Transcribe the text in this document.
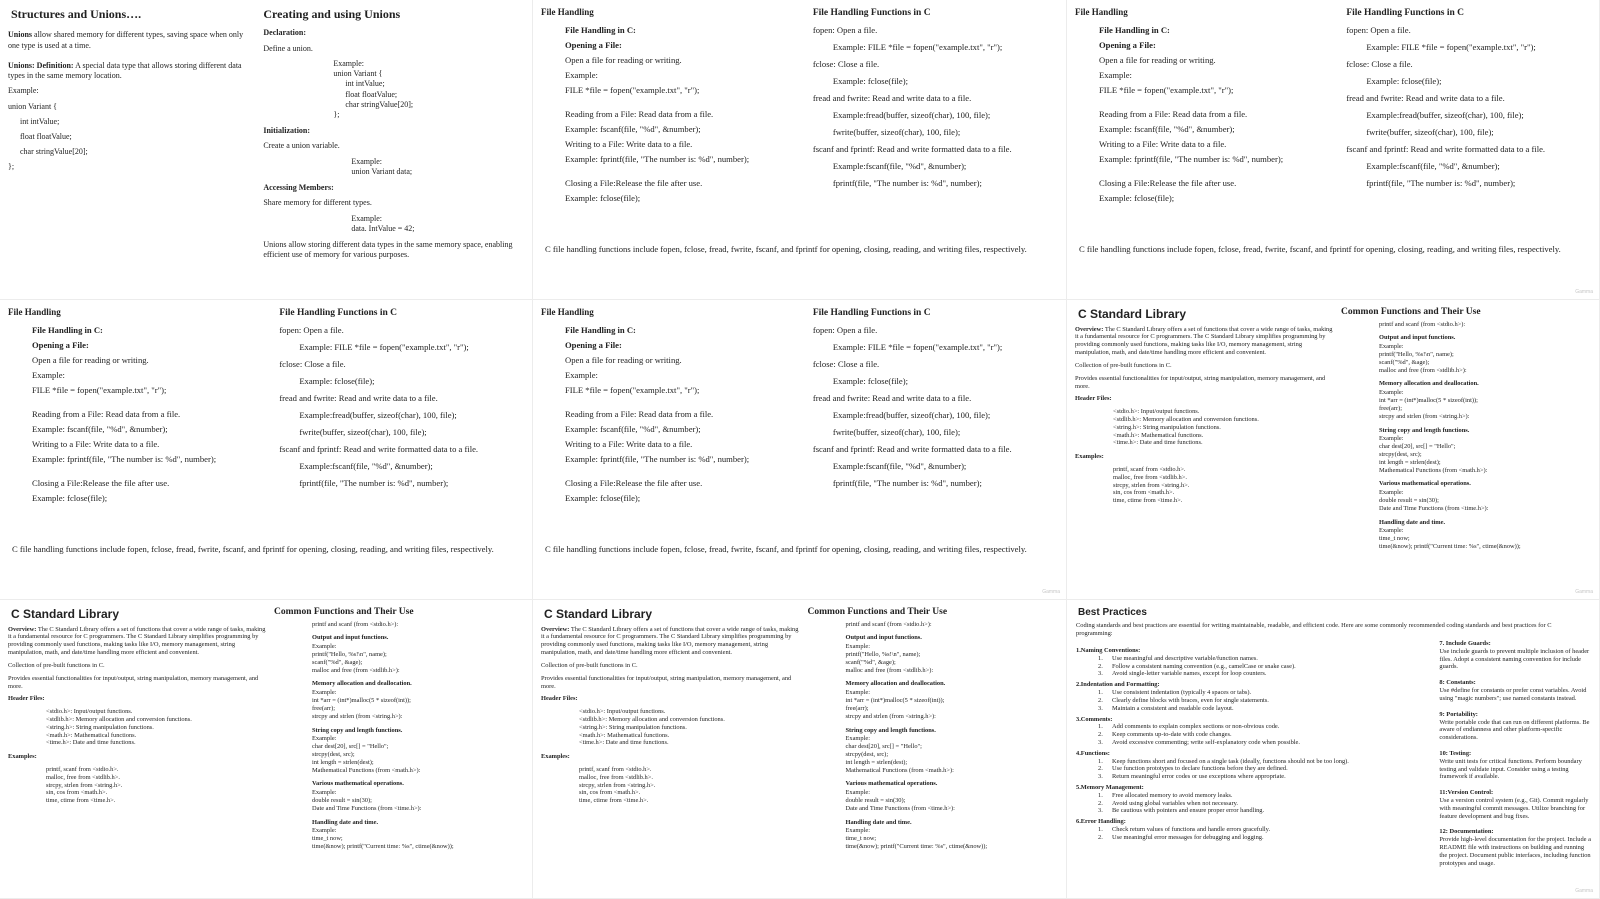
Structures and Unions….
Unions allow shared memory for different types, saving space when only one type is used at a time.
Unions: Definition: A special data type that allows storing different data types in the same memory location.
Example:
union Variant {
int intValue;
float floatValue;
char stringValue[20];
};
Creating and using Unions
Declaration:
Define a union.
Example:
union Variant {
int intValue;
float floatValue;
char stringValue[20];
};
Initialization:
Create a union variable.
Example:
union Variant data;
Accessing Members:
Share memory for different types.
Example:
data. IntValue = 42;
Unions allow storing different data types in the same memory space, enabling efficient use of memory for various purposes.
File Handling
File Handling in C:
Opening a File:
Open a file for reading or writing.
Example:
FILE *file = fopen("example.txt", "r");
Reading from a File: Read data from a file.
Example: fscanf(file, "%d", &number);
Writing to a File: Write data to a file.
Example: fprintf(file, "The number is: %d", number);
Closing a File:Release the file after use.
Example: fclose(file);
File Handling Functions in C
fopen: Open a file.
Example: FILE *file = fopen("example.txt", "r");
fclose: Close a file.
Example: fclose(file);
fread and fwrite: Read and write data to a file.
Example:fread(buffer, sizeof(char), 100, file);
fwrite(buffer, sizeof(char), 100, file);
fscanf and fprintf: Read and write formatted data to a file.
Example:fscanf(file, "%d", &number);
fprintf(file, "The number is: %d", number);
C file handling functions include fopen, fclose, fread, fwrite, fscanf, and fprintf for opening, closing, reading, and writing files, respectively.
File Handling
File Handling in C:
Opening a File:
Open a file for reading or writing.
Example:
FILE *file = fopen("example.txt", "r");
Reading from a File: Read data from a file.
Example: fscanf(file, "%d", &number);
Writing to a File: Write data to a file.
Example: fprintf(file, "The number is: %d", number);
Closing a File:Release the file after use.
Example: fclose(file);
File Handling Functions in C
fopen: Open a file.
Example: FILE *file = fopen("example.txt", "r");
fclose: Close a file.
Example: fclose(file);
fread and fwrite: Read and write data to a file.
Example:fread(buffer, sizeof(char), 100, file);
fwrite(buffer, sizeof(char), 100, file);
fscanf and fprintf: Read and write formatted data to a file.
Example:fscanf(file, "%d", &number);
fprintf(file, "The number is: %d", number);
C file handling functions include fopen, fclose, fread, fwrite, fscanf, and fprintf for opening, closing, reading, and writing files, respectively.
Gamma
File Handling
File Handling in C:
Opening a File:
Open a file for reading or writing.
Example:
FILE *file = fopen("example.txt", "r");
Reading from a File: Read data from a file.
Example: fscanf(file, "%d", &number);
Writing to a File: Write data to a file.
Example: fprintf(file, "The number is: %d", number);
Closing a File:Release the file after use.
Example: fclose(file);
File Handling Functions in C
fopen: Open a file.
Example: FILE *file = fopen("example.txt", "r");
fclose: Close a file.
Example: fclose(file);
fread and fwrite: Read and write data to a file.
Example:fread(buffer, sizeof(char), 100, file);
fwrite(buffer, sizeof(char), 100, file);
fscanf and fprintf: Read and write formatted data to a file.
Example:fscanf(file, "%d", &number);
fprintf(file, "The number is: %d", number);
C file handling functions include fopen, fclose, fread, fwrite, fscanf, and fprintf for opening, closing, reading, and writing files, respectively.
File Handling
File Handling in C:
Opening a File:
Open a file for reading or writing.
Example:
FILE *file = fopen("example.txt", "r");
Reading from a File: Read data from a file.
Example: fscanf(file, "%d", &number);
Writing to a File: Write data to a file.
Example: fprintf(file, "The number is: %d", number);
Closing a File:Release the file after use.
Example: fclose(file);
File Handling Functions in C
fopen: Open a file.
Example: FILE *file = fopen("example.txt", "r");
fclose: Close a file.
Example: fclose(file);
fread and fwrite: Read and write data to a file.
Example:fread(buffer, sizeof(char), 100, file);
fwrite(buffer, sizeof(char), 100, file);
fscanf and fprintf: Read and write formatted data to a file.
Example:fscanf(file, "%d", &number);
fprintf(file, "The number is: %d", number);
C file handling functions include fopen, fclose, fread, fwrite, fscanf, and fprintf for opening, closing, reading, and writing files, respectively.
Gamma
C Standard Library
Overview: The C Standard Library offers a set of functions that cover a wide range of tasks, making it a fundamental resource for C programmers. The C Standard Library simplifies programming by providing commonly used functions, making tasks like I/O, memory management, string manipulation, math, and date/time handling more efficient and convenient.
Collection of pre-built functions in C.
Provides essential functionalities for input/output, string manipulation, memory management, and more.
Header Files:
<stdio.h>: Input/output functions.
<stdlib.h>: Memory allocation and conversion functions.
<string.h>: String manipulation functions.
<math.h>: Mathematical functions.
<time.h>: Date and time functions.
Examples:
printf, scanf from <stdio.h>.
malloc, free from <stdlib.h>.
strcpy, strlen from <string.h>.
sin, cos from <math.h>.
time, ctime from <time.h>.
Common Functions and Their Use
printf and scanf (from <stdio.h>):
Output and input functions.
Example:
printf("Hello, %s!\n", name);
scanf("%d", &age);
malloc and free (from <stdlib.h>):
Memory allocation and deallocation.
Example:
int *arr = (int*)malloc(5 * sizeof(int));
free(arr);
strcpy and strlen (from <string.h>):
String copy and length functions.
Example:
char dest[20], src[] = "Hello";
strcpy(dest, src);
int length = strlen(dest);
Mathematical Functions (from <math.h>):
Various mathematical operations.
Example:
double result = sin(30);
Date and Time Functions (from <time.h>):
Handling date and time.
Example:
time_t now;
time(&now); printf("Current time: %s", ctime(&now));
Gamma
C Standard Library
Overview: The C Standard Library offers a set of functions that cover a wide range of tasks, making it a fundamental resource for C programmers. The C Standard Library simplifies programming by providing commonly used functions, making tasks like I/O, memory management, string manipulation, math, and date/time handling more efficient and convenient.
Collection of pre-built functions in C.
Provides essential functionalities for input/output, string manipulation, memory management, and more.
Header Files:
<stdio.h>: Input/output functions.
<stdlib.h>: Memory allocation and conversion functions.
<string.h>: String manipulation functions.
<math.h>: Mathematical functions.
<time.h>: Date and time functions.
Examples:
printf, scanf from <stdio.h>.
malloc, free from <stdlib.h>.
strcpy, strlen from <string.h>.
sin, cos from <math.h>.
time, ctime from <time.h>.
Common Functions and Their Use
printf and scanf (from <stdio.h>):
Output and input functions.
Example:
printf("Hello, %s!\n", name);
scanf("%d", &age);
malloc and free (from <stdlib.h>):
Memory allocation and deallocation.
Example:
int *arr = (int*)malloc(5 * sizeof(int));
free(arr);
strcpy and strlen (from <string.h>):
String copy and length functions.
Example:
char dest[20], src[] = "Hello";
strcpy(dest, src);
int length = strlen(dest);
Mathematical Functions (from <math.h>):
Various mathematical operations.
Example:
double result = sin(30);
Date and Time Functions (from <time.h>):
Handling date and time.
Example:
time_t now;
time(&now); printf("Current time: %s", ctime(&now));
C Standard Library
Overview: The C Standard Library offers a set of functions that cover a wide range of tasks, making it a fundamental resource for C programmers. The C Standard Library simplifies programming by providing commonly used functions, making tasks like I/O, memory management, string manipulation, math, and date/time handling more efficient and convenient.
Collection of pre-built functions in C.
Provides essential functionalities for input/output, string manipulation, memory management, and more.
Header Files:
<stdio.h>: Input/output functions.
<stdlib.h>: Memory allocation and conversion functions.
<string.h>: String manipulation functions.
<math.h>: Mathematical functions.
<time.h>: Date and time functions.
Examples:
printf, scanf from <stdio.h>.
malloc, free from <stdlib.h>.
strcpy, strlen from <string.h>.
sin, cos from <math.h>.
time, ctime from <time.h>.
Common Functions and Their Use
printf and scanf (from <stdio.h>):
Output and input functions.
Example:
printf("Hello, %s!\n", name);
scanf("%d", &age);
malloc and free (from <stdlib.h>):
Memory allocation and deallocation.
Example:
int *arr = (int*)malloc(5 * sizeof(int));
free(arr);
strcpy and strlen (from <string.h>):
String copy and length functions.
Example:
char dest[20], src[] = "Hello";
strcpy(dest, src);
int length = strlen(dest);
Mathematical Functions (from <math.h>):
Various mathematical operations.
Example:
double result = sin(30);
Date and Time Functions (from <time.h>):
Handling date and time.
Example:
time_t now;
time(&now); printf("Current time: %s", ctime(&now));
Best Practices
Coding standards and best practices are essential for writing maintainable, readable, and efficient code. Here are some commonly recommended coding standards and best practices for C programming:
1.Naming Conventions:
1. Use meaningful and descriptive variable/function names.
2. Follow a consistent naming convention (e.g., camelCase or snake case).
3. Avoid single-letter variable names, except for loop counters.
2.Indentation and Formatting:
1. Use consistent indentation (typically 4 spaces or tabs).
2. Clearly define blocks with braces, even for single statements.
3. Maintain a consistent and readable code layout.
3.Comments:
1. Add comments to explain complex sections or non-obvious code.
2. Keep comments up-to-date with code changes.
3. Avoid excessive commenting; write self-explanatory code when possible.
4.Functions:
1. Keep functions short and focused on a single task (ideally, functions should not be too long).
2. Use function prototypes to declare functions before they are defined.
3. Return meaningful error codes or use exceptions where appropriate.
5.Memory Management:
1. Free allocated memory to avoid memory leaks.
2. Avoid using global variables when not necessary.
3. Be cautious with pointers and ensure proper error handling.
6.Error Handling:
1. Check return values of functions and handle errors gracefully.
2. Use meaningful error messages for debugging and logging.
7. Include Guards:
Use include guards to prevent multiple inclusion of header files. Adopt a consistent naming convention for include guards.
8: Constants:
Use #define for constants or prefer const variables. Avoid using "magic numbers"; use named constants instead.
9: Portability:
Write portable code that can run on different platforms. Be aware of endianness and other platform-specific considerations.
10: Testing:
Write unit tests for critical functions. Perform boundary testing and validate input. Consider using a testing framework if available.
11:Version Control:
Use a version control system (e.g., Git). Commit regularly with meaningful commit messages. Utilize branching for feature development and bug fixes.
12: Documentation:
Provide high-level documentation for the project. Include a README file with instructions on building and running the project. Document public interfaces, including function prototypes and usage.
Gamma
